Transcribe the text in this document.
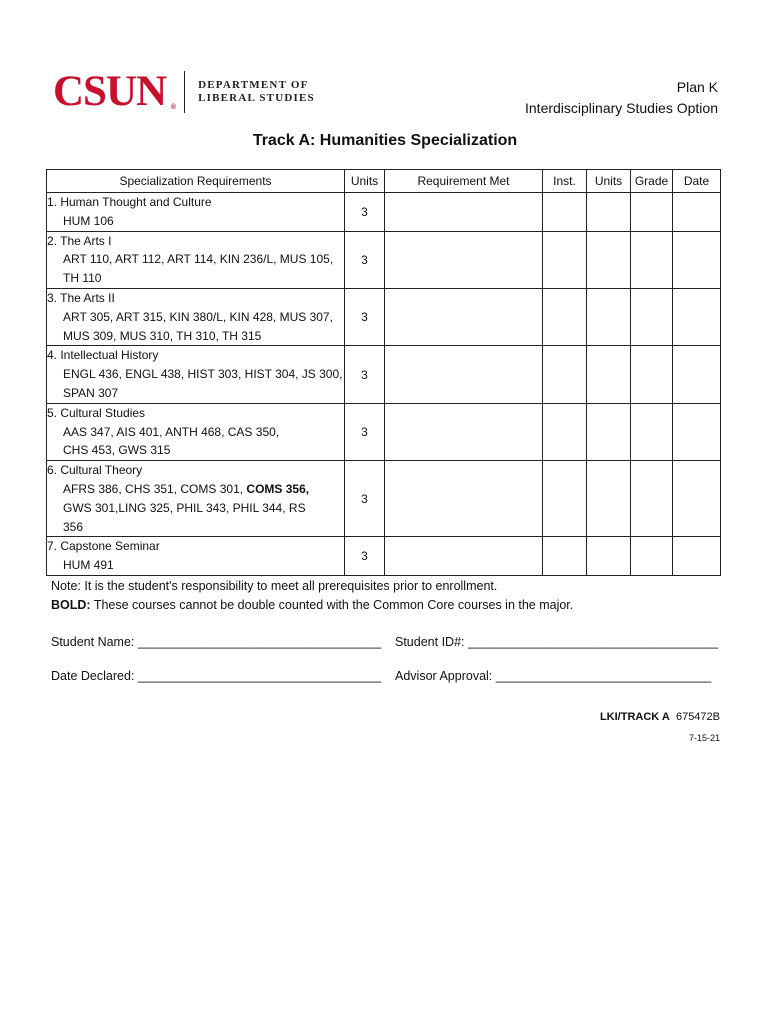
CSUN ®
DEPARTMENT OF
LIBERAL STUDIES
Plan K
Interdisciplinary Studies Option
Track A: Humanities Specialization
Specialization Requirements	Units	Requirement Met	Inst.	Units	Grade	Date

1. Human Thought and Culture
HUM 106	3					

2. The Arts I
ART 110, ART 112, ART 114, KIN 236/L, MUS 105,
TH 110	3					

3. The Arts II
ART 305, ART 315, KIN 380/L, KIN 428, MUS 307,
MUS 309, MUS 310, TH 310, TH 315	3					

4. Intellectual History
ENGL 436, ENGL 438, HIST 303, HIST 304, JS 300,
SPAN 307	3					

5. Cultural Studies
AAS 347, AIS 401, ANTH 468, CAS 350,
CHS 453, GWS 315	3					

6. Cultural Theory
AFRS 386, CHS 351, COMS 301, COMS 356,
GWS 301,LING 325, PHIL 343, PHIL 344, RS
356	3					

7. Capstone Seminar
HUM 491	3					
Note: It is the student's responsibility to meet all prerequisites prior to enrollment.
BOLD: These courses cannot be double counted with the Common Core courses in the major.
Student Name: ___________________________________ Student ID#: ____________________________________
Date Declared: ___________________________________ Advisor Approval: _______________________________
LKI/TRACK A 675472B
7-15-21
